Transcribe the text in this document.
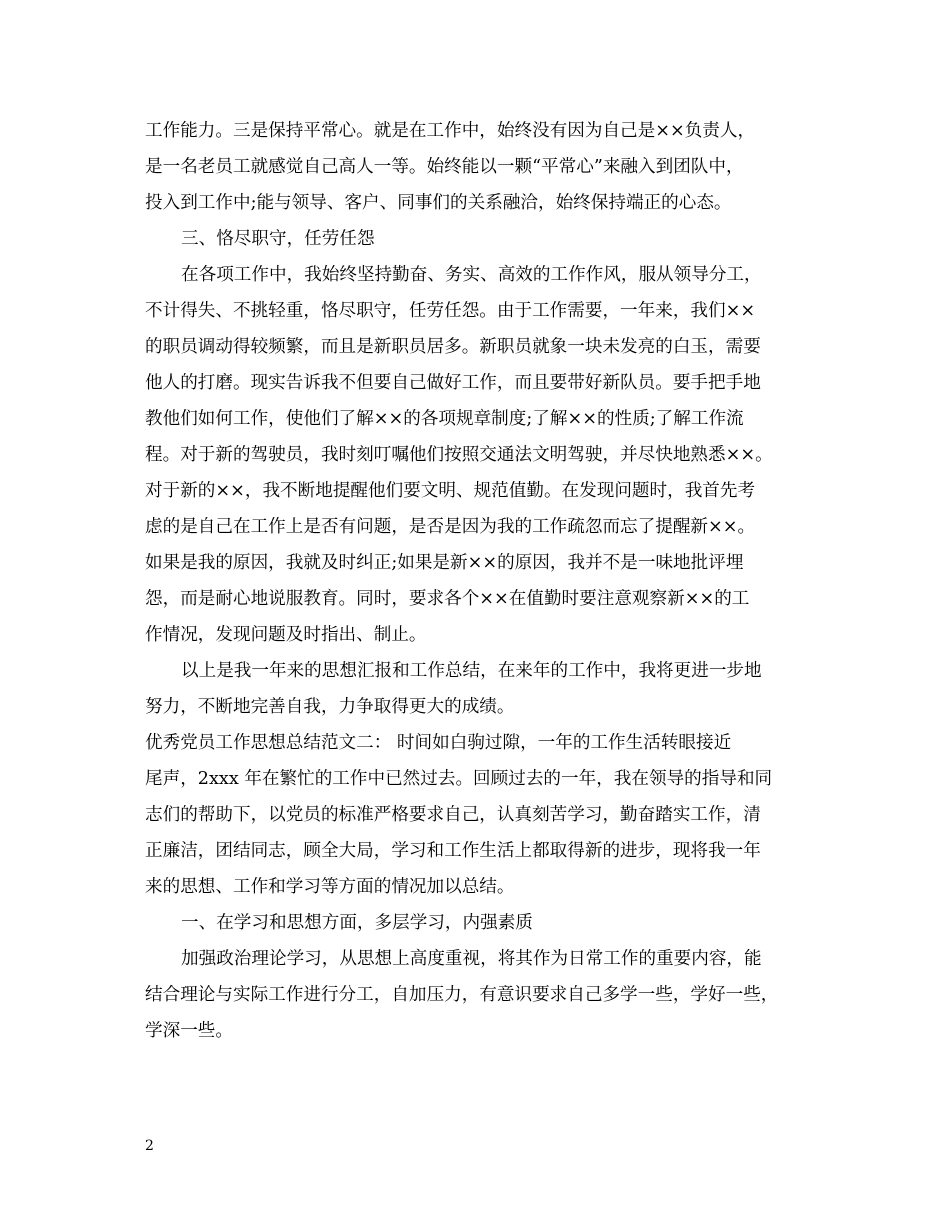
工作能力。三是保持平常心。就是在工作中，始终没有因为自己是××负责人，
是一名老员工就感觉自己高人一等。始终能以一颗“平常心”来融入到团队中，
投入到工作中;能与领导、客户、同事们的关系融洽，始终保持端正的心态。
三、恪尽职守，任劳任怨
在各项工作中，我始终坚持勤奋、务实、高效的工作作风，服从领导分工，
不计得失、不挑轻重，恪尽职守，任劳任怨。由于工作需要，一年来，我们××
的职员调动得较频繁，而且是新职员居多。新职员就象一块未发亮的白玉，需要
他人的打磨。现实告诉我不但要自己做好工作，而且要带好新队员。要手把手地
教他们如何工作，使他们了解××的各项规章制度;了解××的性质;了解工作流
程。对于新的驾驶员，我时刻叮嘱他们按照交通法文明驾驶，并尽快地熟悉××。
对于新的××，我不断地提醒他们要文明、规范值勤。在发现问题时，我首先考
虑的是自己在工作上是否有问题，是否是因为我的工作疏忽而忘了提醒新××。
如果是我的原因，我就及时纠正;如果是新××的原因，我并不是一味地批评埋
怨，而是耐心地说服教育。同时，要求各个××在值勤时要注意观察新××的工
作情况，发现问题及时指出、制止。
以上是我一年来的思想汇报和工作总结，在来年的工作中，我将更进一步地
努力，不断地完善自我，力争取得更大的成绩。
优秀党员工作思想总结范文二： 时间如白驹过隙，一年的工作生活转眼接近
尾声，2xxx 年在繁忙的工作中已然过去。回顾过去的一年，我在领导的指导和同
志们的帮助下，以党员的标准严格要求自己，认真刻苦学习，勤奋踏实工作，清
正廉洁，团结同志，顾全大局，学习和工作生活上都取得新的进步，现将我一年
来的思想、工作和学习等方面的情况加以总结。
一、在学习和思想方面，多层学习，内强素质
加强政治理论学习，从思想上高度重视，将其作为日常工作的重要内容，能
结合理论与实际工作进行分工，自加压力，有意识要求自己多学一些，学好一些，
学深一些。
2
